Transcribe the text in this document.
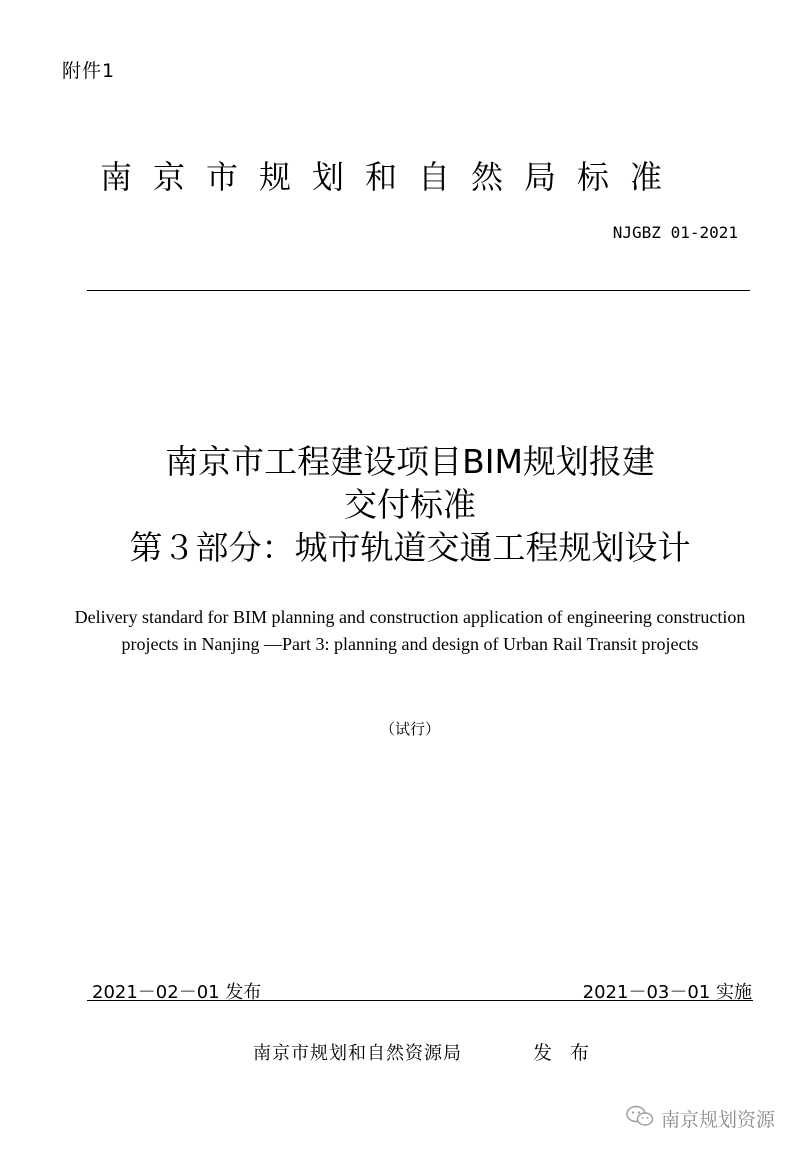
附件1
南京市规划和自然局标准
NJGBZ 01-2021
南京市工程建设项目BIM规划报建
交付标准
第３部分：城市轨道交通工程规划设计
Delivery standard for BIM planning and construction application of engineering construction projects in Nanjing —Part 3: planning and design of Urban Rail Transit projects
（试行）
2021－02－01 发布	2021－03－01 实施
南京市规划和自然资源局	发 布
南京规划资源
